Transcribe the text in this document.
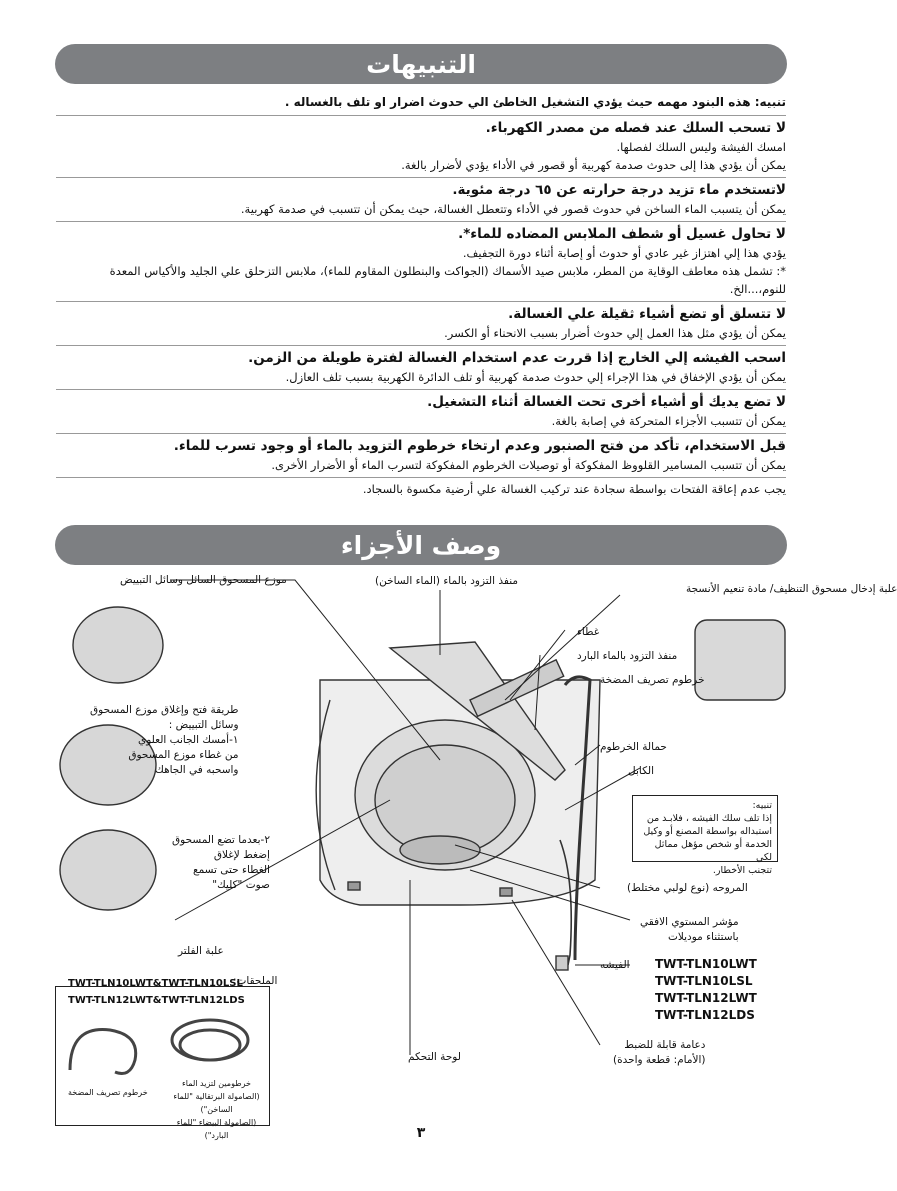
التنبيهات
تنبيه: هذه البنود مهمه حيث يؤدي التشغيل الخاطئ الي حدوث اضرار او تلف بالغساله .
لا تسحب السلك عند فصله من مصدر الكهرباء.
امسك الفيشة وليس السلك لفصلها.
يمكن أن يؤدي هذا إلى حدوث صدمة كهربية أو قصور في الأداء يؤدي لأضرار بالغة.
لاتستخدم ماء تزيد درجة حرارته عن ٦٥ درجة مئوية.
يمكن أن يتسبب الماء الساخن في حدوث قصور في الأداء وتتعطل الغسالة، حيث يمكن أن تتسبب في صدمة كهربية.
لا تحاول غسيل أو شطف الملابس المضاده للماء*.
يؤدي هذا إلي اهتزاز غير عادي أو حدوث أو إصابة أثناء دورة التجفيف.
*: تشمل هذه معاطف الوقاية من المطر، ملابس صيد الأسماك (الجواكت والبنطلون المقاوم للماء)، ملابس التزحلق علي الجليد والأكياس المعدة للنوم،...الخ.
لا تتسلق أو تضع أشياء ثقيلة علي الغسالة.
يمكن أن يؤدي مثل هذا العمل إلي حدوث أضرار بسبب الانحناء أو الكسر.
اسحب الفيشه إلي الخارج إذا قررت عدم استخدام الغسالة لفترة طويلة من الزمن.
يمكن أن يؤدي الإخفاق في هذا الإجراء إلي حدوث صدمة كهربية أو تلف الدائرة الكهربية بسبب تلف العازل.
لا تضع يديك أو أشياء أخرى تحت الغسالة أثناء التشغيل.
يمكن أن تتسبب الأجزاء المتحركة في إصابة بالغة.
قبل الاستخدام، تأكد من فتح الصنبور وعدم ارتخاء خرطوم التزويد بالماء أو وجود تسرب للماء.
يمكن أن تتسبب المسامير القلووظ المفكوكة أو توصيلات الخرطوم المفكوكة لتسرب الماء أو الأضرار الأخرى.
يجب عدم إعاقة الفتحات بواسطة سجادة عند تركيب الغسالة علي أرضية مكسوة بالسجاد.
وصف الأجزاء
موزع المسحوق السائل وسائل التبييض	منفذ التزود بالماء (الماء الساخن)
علبة إدخال مسحوق التنظيف/ مادة تنعيم الأنسجة
غطاء
منفذ التزود بالماء البارد
خرطوم تصريف المضخة
حمالة الخرطوم
الكابل
طريقة فتح وإغلاق موزع المسحوق
وسائل التبييض :
١-أمسك الجانب العلوي
من غطاء موزع المسحوق
واسحبه في الجاهك
٢-بعدما تضع المسحوق
إضغط لإغلاق
الغطاء حتى تسمع
صوت "كليك"
تنبيه:
إذا تلف سلك الفيشه ، فلابـد من
استبداله بواسطة المصنع أو وكيل
الخدمة أو شخص مؤهل مماثل لكي
تتجنب الأخطار.
المروحه (نوع لولبي مختلط)
مؤشر المستوي الافقي
باستثناء موديلات
الفيشه
علبة الفلتر
الملحقات:
TWT-TLN10LWT&TWT-TLN10LSL
TWT-TLN12LWT&TWT-TLN12LDS
TWT-TLN10LWT
TWT-TLN10LSL
TWT-TLN12LWT
TWT-TLN12LDS
دعامة قابلة للضبط
(الأمام: قطعة واحدة)
لوحة التحكم
خرطوم تصريف المضخة
خرطومين لتزيد الماء
(الصامولة البرتقالية "للماء الساخن")
(الصامولة البيضاء "للماء البارد")	٣
